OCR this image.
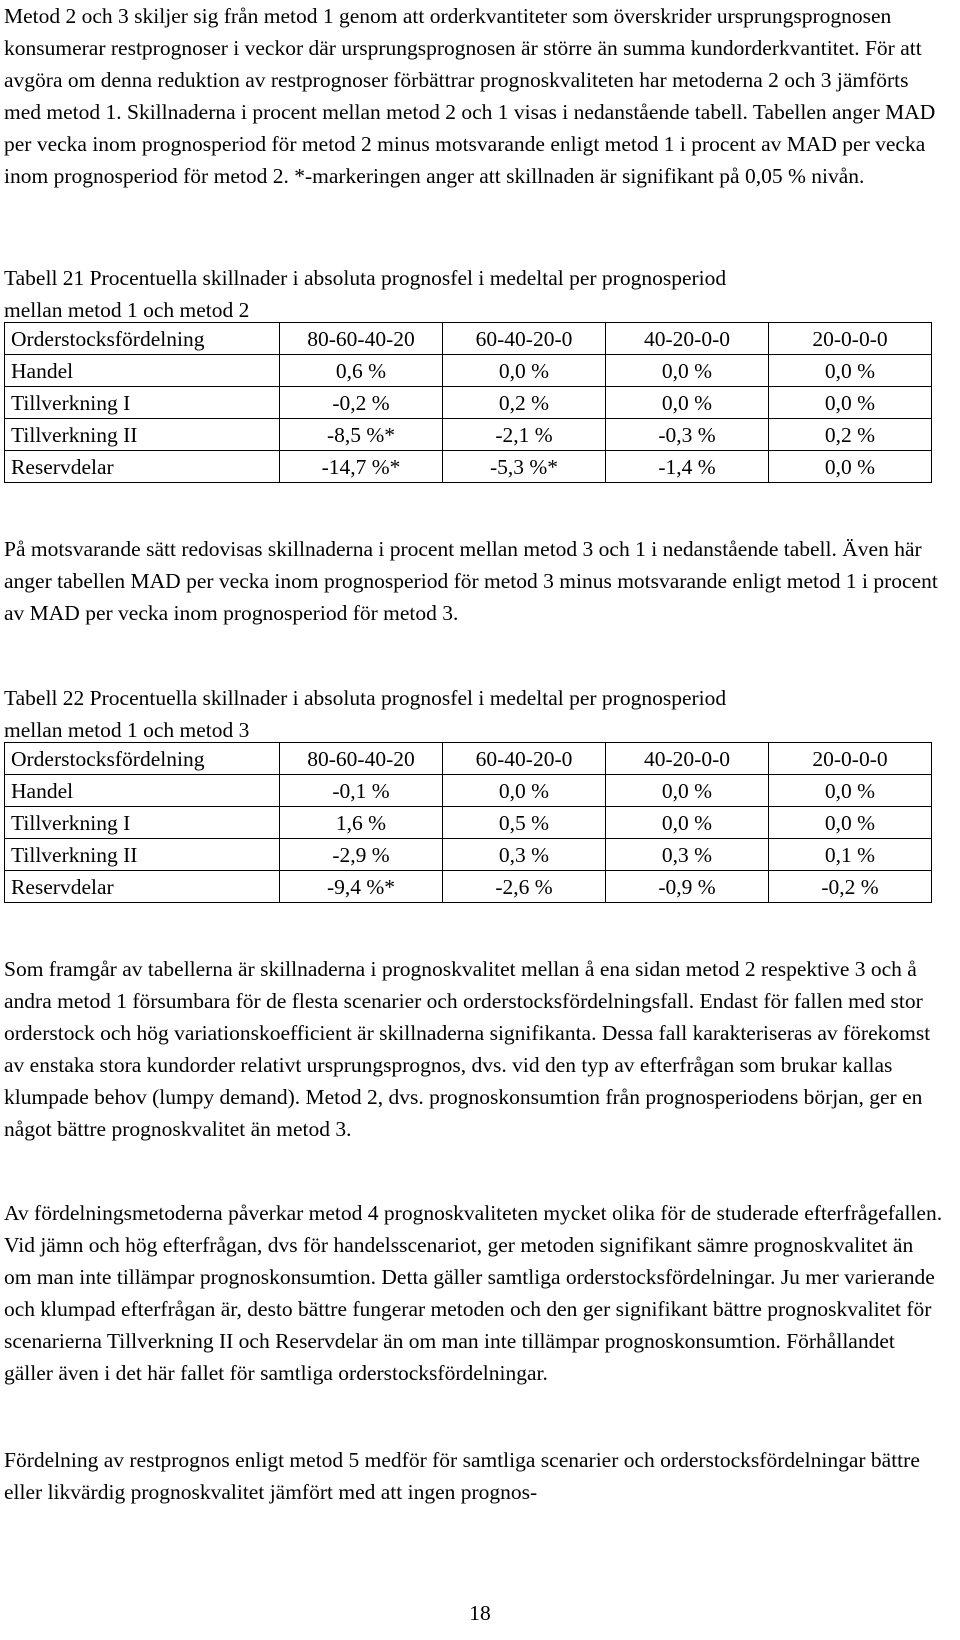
Metod 2 och 3 skiljer sig från metod 1 genom att orderkvantiteter som överskrider ursprungsprognosen konsumerar restprognoser i veckor där ursprungsprognosen är större än summa kundorderkvantitet. För att avgöra om denna reduktion av restprognoser förbättrar prognoskvaliteten har metoderna 2 och 3 jämförts med metod 1. Skillnaderna i procent mellan metod 2 och 1 visas i nedanstående tabell. Tabellen anger MAD per vecka inom prognosperiod för metod 2 minus motsvarande enligt metod 1 i procent av MAD per vecka inom prognosperiod för metod 2. *-markeringen anger att skillnaden är signifikant på 0,05 % nivån.

Tabell 21 Procentuella skillnader i absoluta prognosfel i medeltal per prognosperiod
mellan metod 1 och metod 2
Orderstocksfördelning	80-60-40-20	60-40-20-0	40-20-0-0	20-0-0-0
Handel	0,6 %	0,0 %	0,0 %	0,0 %
Tillverkning I	-0,2 %	0,2 %	0,0 %	0,0 %
Tillverkning II	-8,5 %*	-2,1 %	-0,3 %	0,2 %
Reservdelar	-14,7 %*	-5,3 %*	-1,4 %	0,0 %

På motsvarande sätt redovisas skillnaderna i procent mellan metod 3 och 1 i nedanstående tabell. Även här anger tabellen MAD per vecka inom prognosperiod för metod 3 minus motsvarande enligt metod 1 i procent av MAD per vecka inom prognosperiod för metod 3.

Tabell 22 Procentuella skillnader i absoluta prognosfel i medeltal per prognosperiod
mellan metod 1 och metod 3
Orderstocksfördelning	80-60-40-20	60-40-20-0	40-20-0-0	20-0-0-0
Handel	-0,1 %	0,0 %	0,0 %	0,0 %
Tillverkning I	1,6 %	0,5 %	0,0 %	0,0 %
Tillverkning II	-2,9 %	0,3 %	0,3 %	0,1 %
Reservdelar	-9,4 %*	-2,6 %	-0,9 %	-0,2 %

Som framgår av tabellerna är skillnaderna i prognoskvalitet mellan å ena sidan metod 2 respektive 3 och å andra metod 1 försumbara för de flesta scenarier och orderstocksfördelningsfall. Endast för fallen med stor orderstock och hög variationskoefficient är skillnaderna signifikanta. Dessa fall karakteriseras av förekomst av enstaka stora kundorder relativt ursprungsprognos, dvs. vid den typ av efterfrågan som brukar kallas klumpade behov (lumpy demand). Metod 2, dvs. prognoskonsumtion från prognosperiodens början, ger en något bättre prognoskvalitet än metod 3.

Av fördelningsmetoderna påverkar metod 4 prognoskvaliteten mycket olika för de studerade efterfrågefallen. Vid jämn och hög efterfrågan, dvs för handelsscenariot, ger metoden signifikant sämre prognoskvalitet än om man inte tillämpar prognoskonsumtion. Detta gäller samtliga orderstocksfördelningar. Ju mer varierande och klumpad efterfrågan är, desto bättre fungerar metoden och den ger signifikant bättre prognoskvalitet för scenarierna Tillverkning II och Reservdelar än om man inte tillämpar prognoskonsumtion. Förhållandet gäller även i det här fallet för samtliga orderstocksfördelningar.

Fördelning av restprognos enligt metod 5 medför för samtliga scenarier och orderstocksfördelningar bättre eller likvärdig prognoskvalitet jämfört med att ingen prognos-

18
